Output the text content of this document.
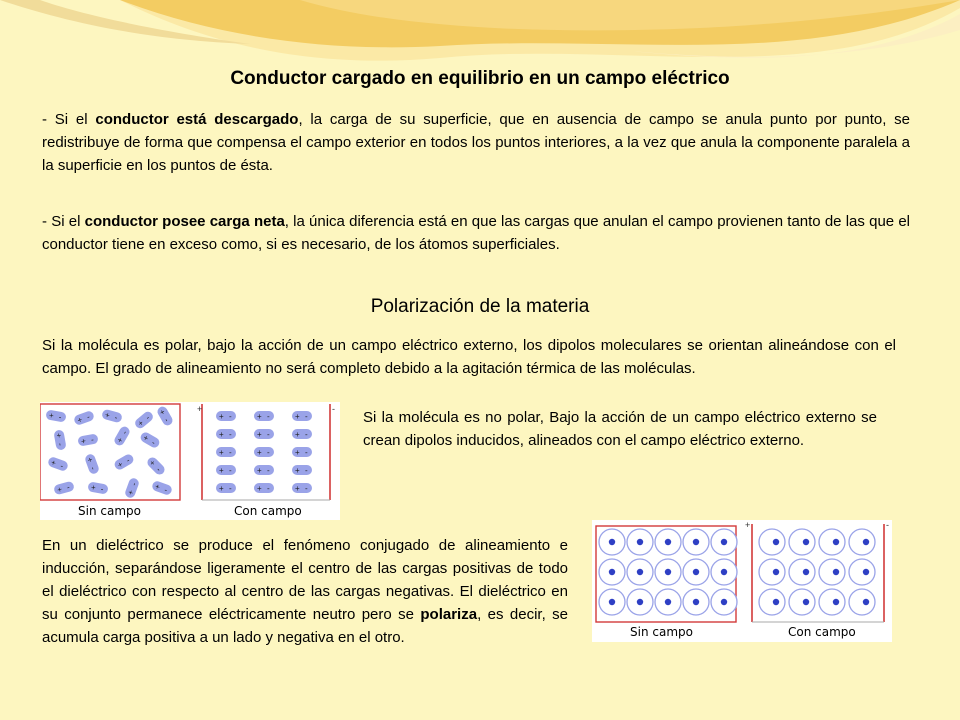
Conductor cargado en equilibrio en un campo eléctrico

- Si el conductor está descargado, la carga de su superficie, que en ausencia de campo se anula punto por punto, se redistribuye de forma que compensa el campo exterior en todos los puntos interiores, a la vez que anula la componente paralela a la superficie en los puntos de ésta.

- Si el conductor posee carga neta, la única diferencia está en que las cargas que anulan el campo provienen tanto de las que el conductor tiene en exceso como, si es necesario, de los átomos superficiales.

Polarización de la materia

Si la molécula es polar, bajo la acción de un campo eléctrico externo, los dipolos moleculares se orientan alineándose con el campo. El grado de alineamiento no será completo debido a la agitación térmica de las moléculas.

+ - + - + -
+
-
+
-
+
- + -	+
-
+ -
+ -
+
- + - +
-
+ - + -	+
- + -
+ -	+ -	+ -
+ -	+ -	+ -
+ -	+ -	+ -
+ -	+ -	+ -
+ -	+ -	+ -
+	-
Sin campo	Con campo

Si la molécula es no polar, Bajo la acción de un campo eléctrico externo se crean dipolos inducidos, alineados con el campo eléctrico externo.

En un dieléctrico se produce el fenómeno conjugado de alineamiento e inducción, separándose ligeramente el centro de las cargas positivas de todo el dieléctrico con respecto al centro de las cargas negativas. El dieléctrico en su conjunto permanece eléctricamente neutro pero se polariza, es decir, se acumula carga positiva a un lado y negativa en el otro.

+	-
Sin campo	Con campo
